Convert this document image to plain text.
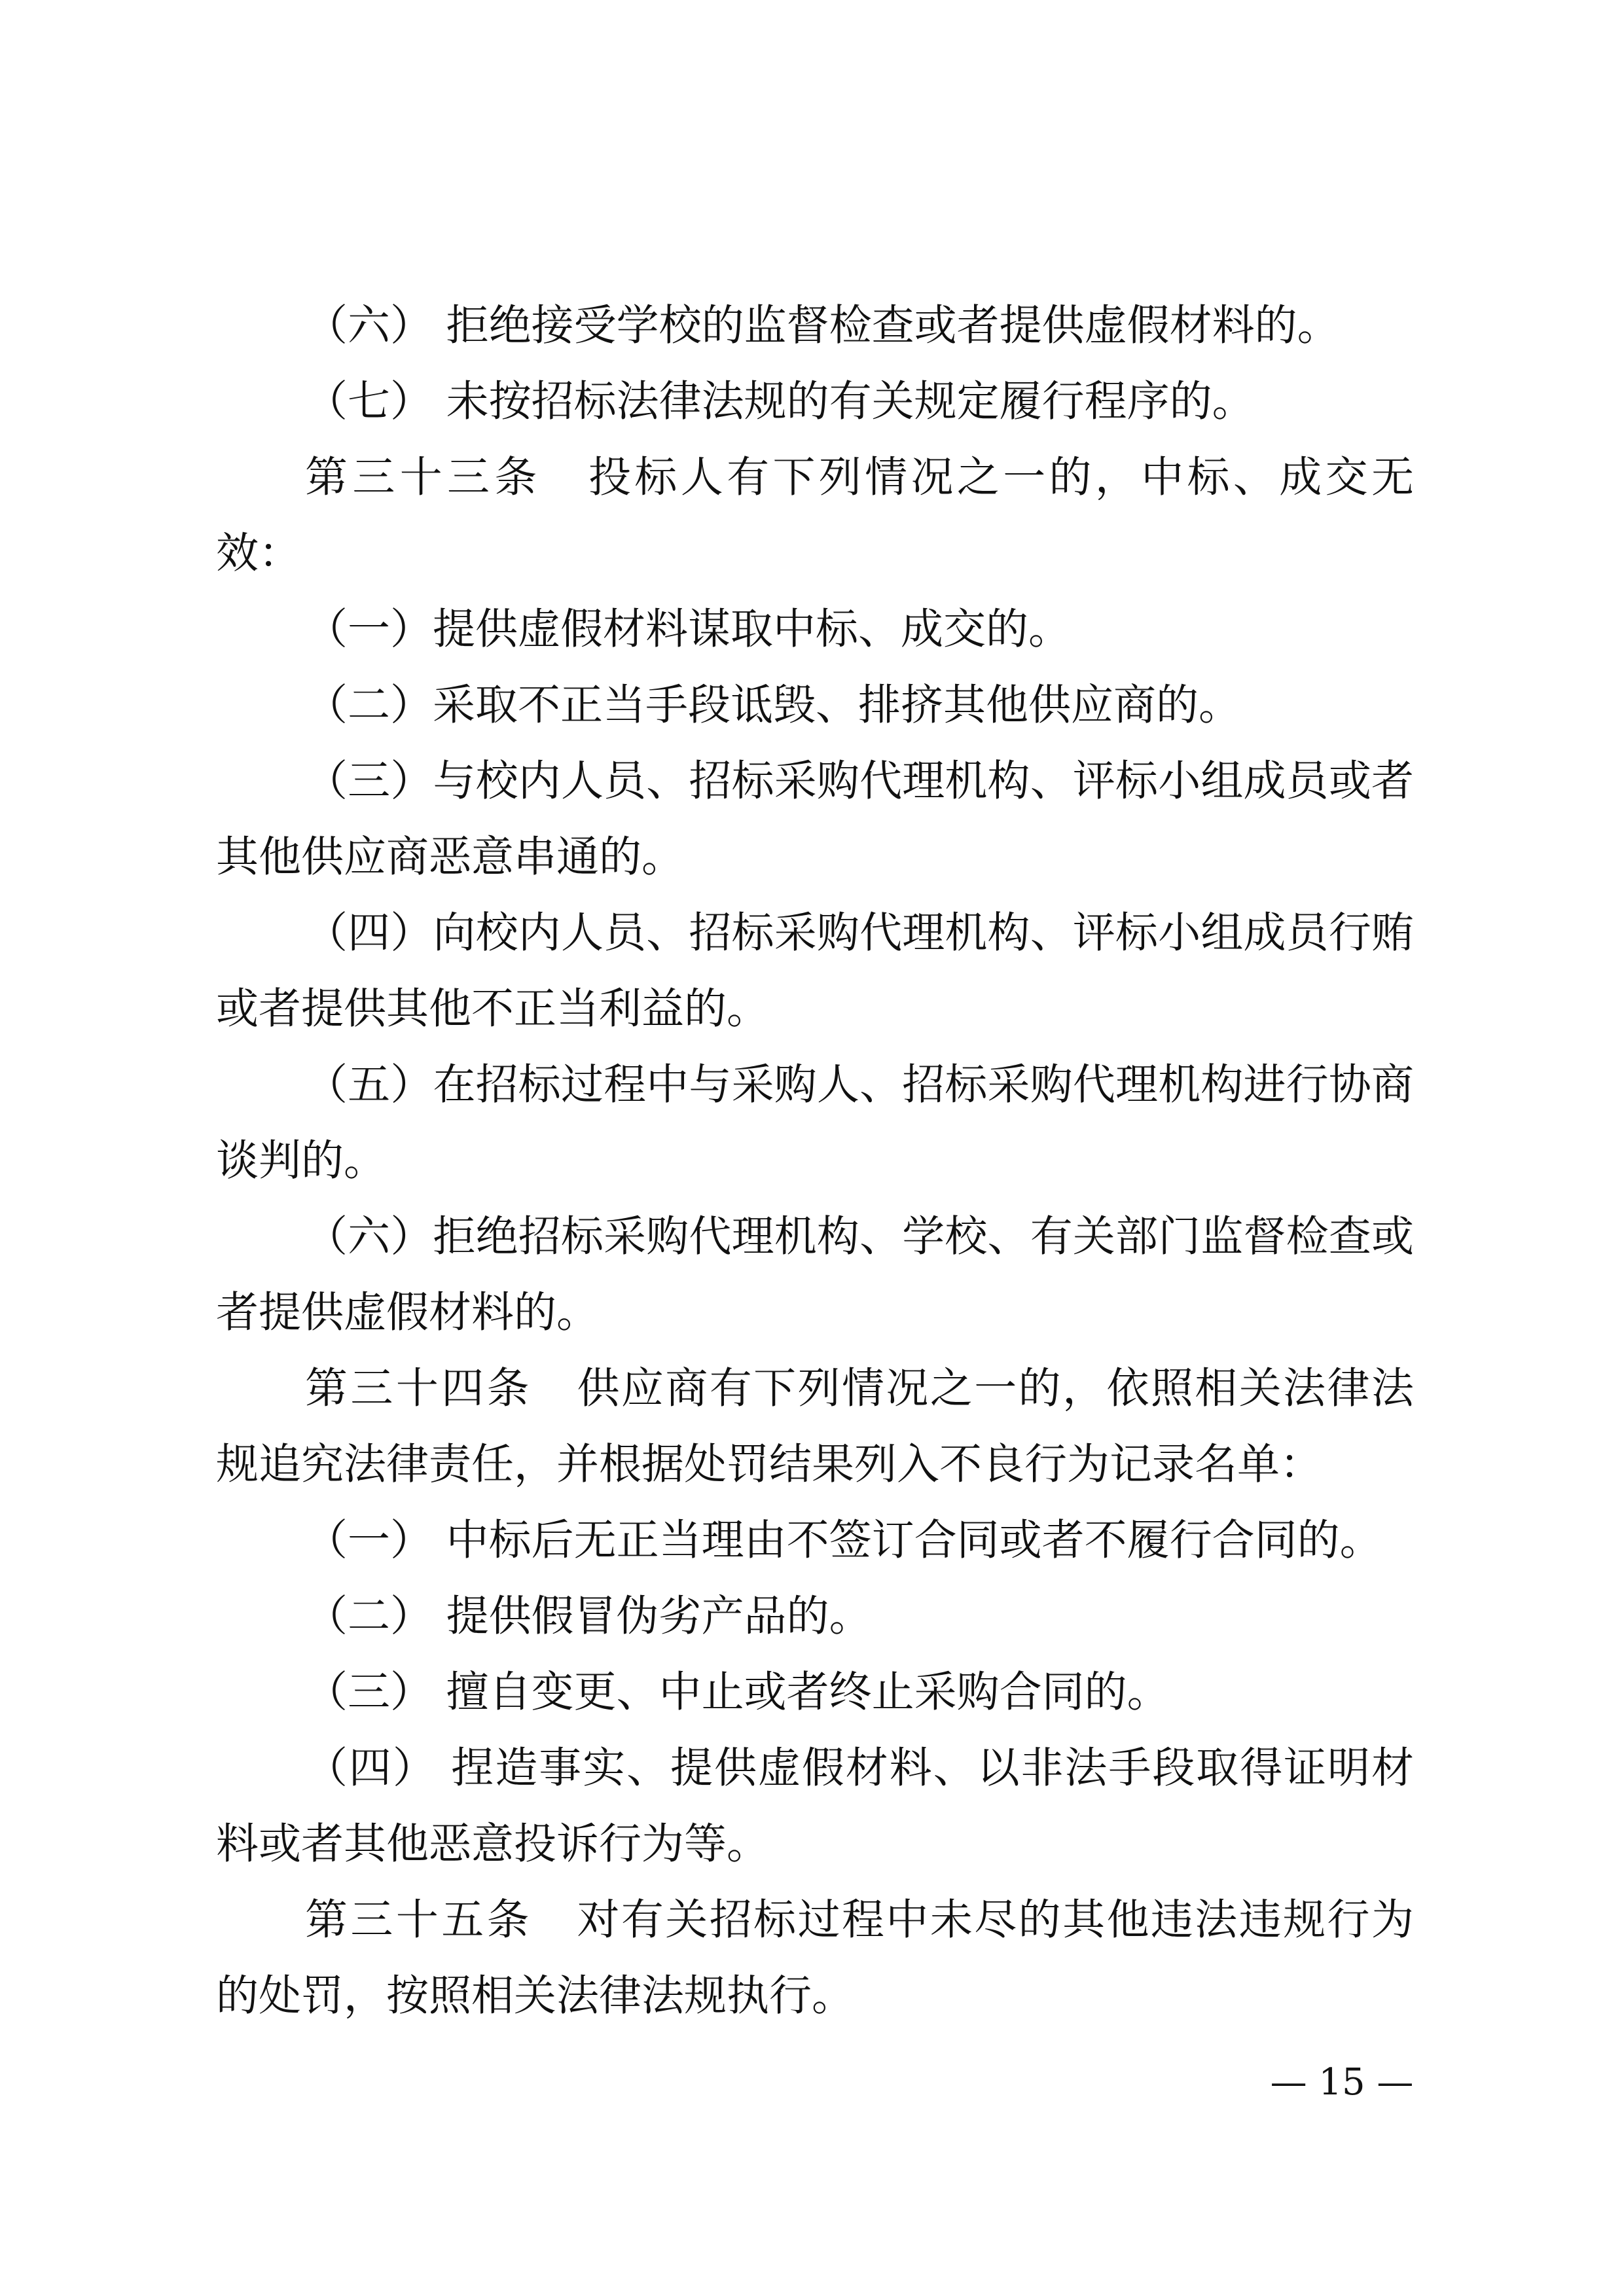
（六） 拒绝接受学校的监督检查或者提供虚假材料的。

（七） 未按招标法律法规的有关规定履行程序的。

第三十三条 投标人有下列情况之一的，中标、成交无效：

（一）提供虚假材料谋取中标、成交的。

（二）采取不正当手段诋毁、排挤其他供应商的。

（三）与校内人员、招标采购代理机构、评标小组成员或者其他供应商恶意串通的。

（四）向校内人员、招标采购代理机构、评标小组成员行贿或者提供其他不正当利益的。

（五）在招标过程中与采购人、招标采购代理机构进行协商谈判的。

（六）拒绝招标采购代理机构、学校、有关部门监督检查或者提供虚假材料的。

第三十四条 供应商有下列情况之一的，依照相关法律法规追究法律责任，并根据处罚结果列入不良行为记录名单：

（一） 中标后无正当理由不签订合同或者不履行合同的。

（二） 提供假冒伪劣产品的。

（三） 擅自变更、中止或者终止采购合同的。

（四） 捏造事实、提供虚假材料、以非法手段取得证明材料或者其他恶意投诉行为等。

第三十五条 对有关招标过程中未尽的其他违法违规行为的处罚，按照相关法律法规执行。

— 15 —
